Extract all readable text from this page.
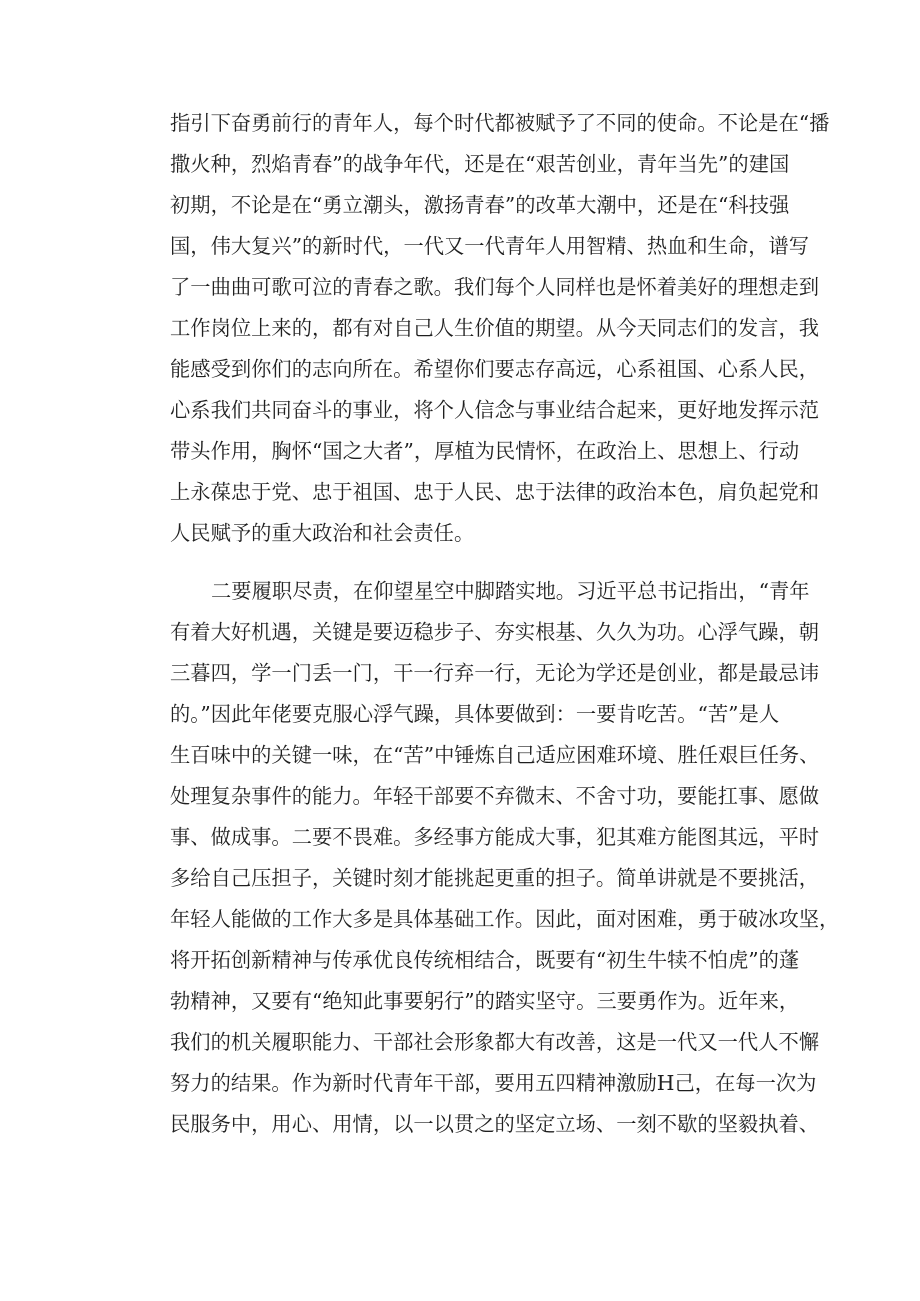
指引下奋勇前行的青年人，每个时代都被赋予了不同的使命。不论是在“播

撒火种，烈焰青春”的战争年代，还是在“艰苦创业，青年当先”的建国

初期，不论是在“勇立潮头，激扬青春”的改革大潮中，还是在“科技强

国，伟大复兴”的新时代，一代又一代青年人用智精、热血和生命，谱写

了一曲曲可歌可泣的青春之歌。我们每个人同样也是怀着美好的理想走到

工作岗位上来的，都有对自己人生价值的期望。从今天同志们的发言，我

能感受到你们的志向所在。希望你们要志存高远，心系祖国、心系人民，

心系我们共同奋斗的事业，将个人信念与事业结合起来，更好地发挥示范

带头作用，胸怀“国之大者”，厚植为民情怀，在政治上、思想上、行动

上永葆忠于党、忠于祖国、忠于人民、忠于法律的政治本色，肩负起党和

人民赋予的重大政治和社会责任。

二要履职尽责，在仰望星空中脚踏实地。习近平总书记指出，“青年

有着大好机遇，关键是要迈稳步子、夯实根基、久久为功。心浮气躁，朝

三暮四，学一门丢一门，干一行弃一行，无论为学还是创业，都是最忌讳

的。”因此年佬要克服心浮气躁，具体要做到：一要肯吃苦。“苦”是人

生百味中的关键一味，在“苦”中锤炼自己适应困难环境、胜任艰巨任务、

处理复杂事件的能力。年轻干部要不弃微末、不舍寸功，要能扛事、愿做

事、做成事。二要不畏难。多经事方能成大事，犯其难方能图其远，平时

多给自己压担子，关键时刻才能挑起更重的担子。简单讲就是不要挑活，

年轻人能做的工作大多是具体基础工作。因此，面对困难，勇于破冰攻坚，

将开拓创新精神与传承优良传统相结合，既要有“初生牛犊不怕虎”的蓬

勃精神，又要有“绝知此事要躬行”的踏实坚守。三要勇作为。近年来，

我们的机关履职能力、干部社会形象都大有改善，这是一代又一代人不懈

努力的结果。作为新时代青年干部，要用五四精神激励H己，在每一次为

民服务中，用心、用情，以一以贯之的坚定立场、一刻不歇的坚毅执着、
